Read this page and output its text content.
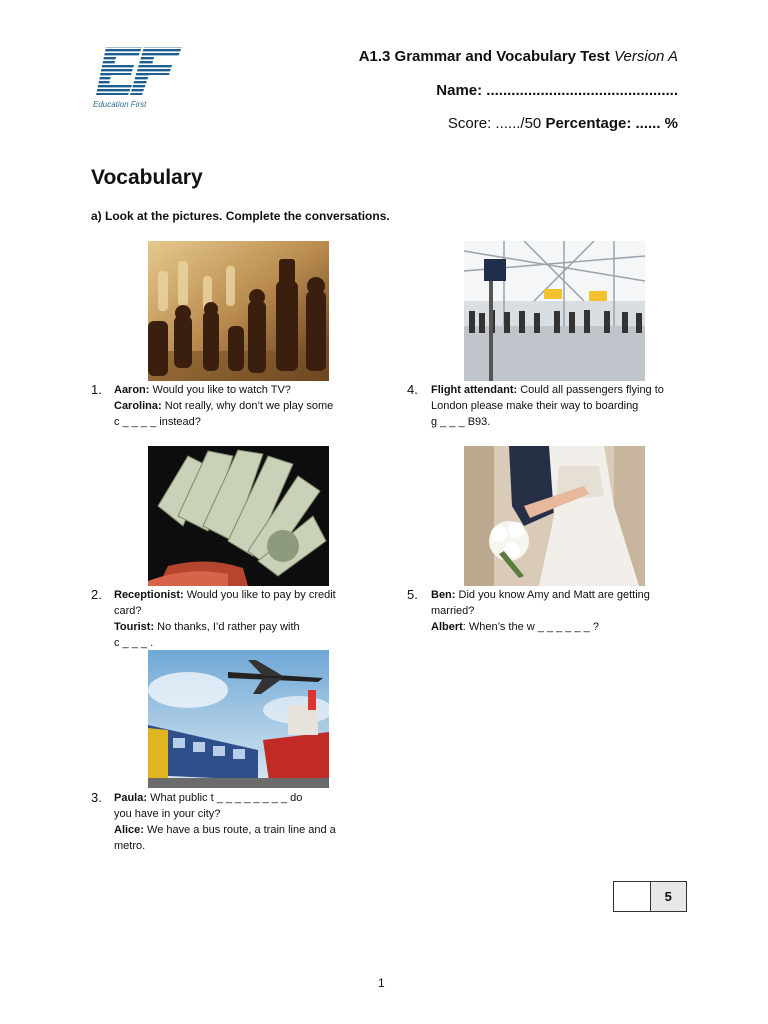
Education First
A1.3 Grammar and Vocabulary Test Version A
Name: ..............................................
Score: ....../50 Percentage: ...... %
Vocabulary
a) Look at the pictures. Complete the conversations.
1. Aaron: Would you like to watch TV?
Carolina: Not really, why don’t we play some
c _ _ _ _ instead?
2. Receptionist: Would you like to pay by credit
card?
Tourist: No thanks, I’d rather pay with
c _ _ _ .
3. Paula: What public t _ _ _ _ _ _ _ _ do
you have in your city?
Alice: We have a bus route, a train line and a
metro.
4. Flight attendant: Could all passengers flying to
London please make their way to boarding
g _ _ _ B93.
5. Ben: Did you know Amy and Matt are getting
married?
Albert: When’s the w _ _ _ _ _ _ ?
5
1
